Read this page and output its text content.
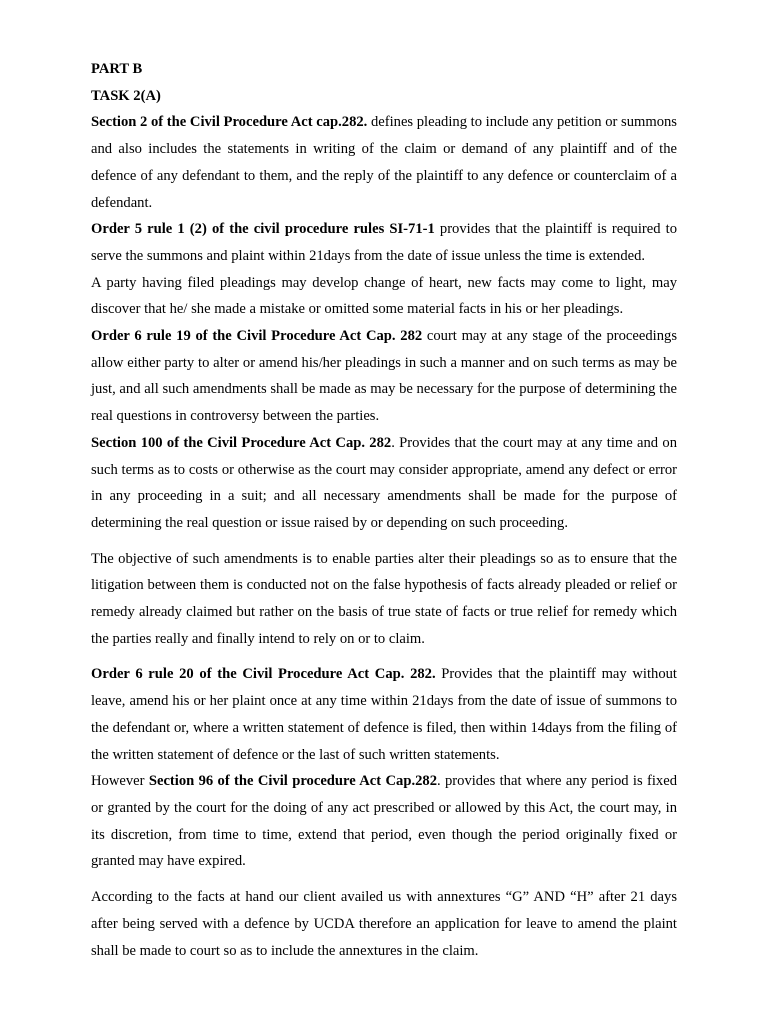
PART B

TASK 2(A)

Section 2 of the Civil Procedure Act cap.282. defines pleading to include any petition or summons and also includes the statements in writing of the claim or demand of any plaintiff and of the defence of any defendant to them, and the reply of the plaintiff to any defence or counterclaim of a defendant.

Order 5 rule 1 (2) of the civil procedure rules SI-71-1 provides that the plaintiff is required to serve the summons and plaint within 21days from the date of issue unless the time is extended.

A party having filed pleadings may develop change of heart, new facts may come to light, may discover that he/ she made a mistake or omitted some material facts in his or her pleadings.

Order 6 rule 19 of the Civil Procedure Act Cap. 282 court may at any stage of the proceedings allow either party to alter or amend his/her pleadings in such a manner and on such terms as may be just, and all such amendments shall be made as may be necessary for the purpose of determining the real questions in controversy between the parties.

Section 100 of the Civil Procedure Act Cap. 282. Provides that the court may at any time and on such terms as to costs or otherwise as the court may consider appropriate, amend any defect or error in any proceeding in a suit; and all necessary amendments shall be made for the purpose of determining the real question or issue raised by or depending on such proceeding.

The objective of such amendments is to enable parties alter their pleadings so as to ensure that the litigation between them is conducted not on the false hypothesis of facts already pleaded or relief or remedy already claimed but rather on the basis of true state of facts or true relief for remedy which the parties really and finally intend to rely on or to claim.

Order 6 rule 20 of the Civil Procedure Act Cap. 282. Provides that the plaintiff may without leave, amend his or her plaint once at any time within 21days from the date of issue of summons to the defendant or, where a written statement of defence is filed, then within 14days from the filing of the written statement of defence or the last of such written statements.

However Section 96 of the Civil procedure Act Cap.282. provides that where any period is fixed or granted by the court for the doing of any act prescribed or allowed by this Act, the court may, in its discretion, from time to time, extend that period, even though the period originally fixed or granted may have expired.

According to the facts at hand our client availed us with annextures “G” AND “H” after 21 days after being served with a defence by UCDA therefore an application for leave to amend the plaint shall be made to court so as to include the annextures in the claim.
